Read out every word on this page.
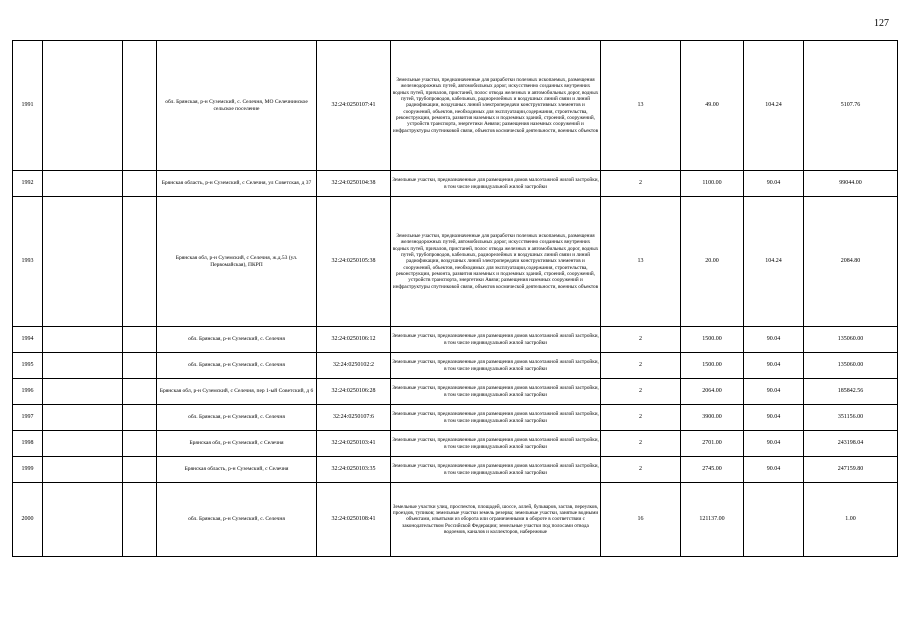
127
1991			обл. Брянская, р-н Суземский, с. Селечня, МО Селечнинское сельское поселение	32:24:0250107:41	Земельные участки, предназначенные для разработки полезных ископаемых, размещения железнодорожных путей, автомобильных дорог, искусственно созданных внутренних водных путей, причалов, пристаней, полос отвода железных и автомобильных дорог, водных путей, трубопроводов, кабельных, радиорелейных и воздушных линий связи и линий радиофикации, воздушных линий электропередачи конструктивных элементов и сооружений, объектов, необходимых для эксплуатации,содержания, строительства, реконструкции, ремонта, развития наземных и подземных зданий, строений, сооружений, устройств транспорта, энергетики Аевязи; размещения наземных сооружений и инфраструктуры спутниковой связи, объектов космической деятельности, военных объектов	13	49.00	104.24	5107.76
1992			Брянская область, р-н Суземский, с Селечня, ул Советская, д 37	32:24:0250104:38	Земельные участки, предназначенные для размещения домов малоэтажной жилой застройки, в том числе индивидуальной жилой застройки	2	1100.00	90.04	99044.00
1993			Брянская обл, р-н Суземский, с Селечня, ж.д.53 (ул. Первомайская), ПКРП	32:24:0250105:38	Земельные участки, предназначенные для разработки полезных ископаемых, размещения железнодорожных путей, автомобильных дорог, искусственно созданных внутренних водных путей, причалов, пристаней, полос отвода железных и автомобильных дорог, водных путей, трубопроводов, кабельных, радиорелейных и воздушных линий связи и линий радиофикации, воздушных линий электропередачи конструктивных элементов и сооружений, объектов, необходимых для эксплуатации,содержания, строительства, реконструкции, ремонта, развития наземных и подземных зданий, строений, сооружений, устройств транспорта, энергетики Авязи; размещения наземных сооружений и инфраструктуры спутниковой связи, объектов космической деятельности, военных объектов	13	20.00	104.24	2084.80
1994			обл. Брянская, р-н Суземский, с. Селечня	32:24:0250106:12	Земельные участки, предназначенные для размещения домов малоэтажной жилой застройки, в том числе индивидуальной жилой застройки	2	1500.00	90.04	135060.00
1995			обл. Брянская, р-н Суземский, с. Селечня	32:24:0250102:2	Земельные участки, предназначенные для размещения домов малоэтажной жилой застройки, в том числе индивидуальной жилой застройки	2	1500.00	90.04	135060.00
1996			Брянская обл, р-н Суземский, с Селечня, пер 1-ый Советский, д 6	32:24:0250106:28	Земельные участки, предназначенные для размещения домов малоэтажной жилой застройки, в том числе индивидуальной жилой застройки	2	2064.00	90.04	185842.56
1997			обл. Брянская, р-н Суземский, с. Селечня	32:24:0250107:6	Земельные участки, предназначенные для размещения домов малоэтажной жилой застройки, в том числе индивидуальной жилой застройки	2	3900.00	90.04	351156.00
1998			Брянская обл, р-н Суземский, с Селечня	32:24:0250103:41	Земельные участки, предназначенные для размещения домов малоэтажной жилой застройки, в том числе индивидуальной жилой застройки	2	2701.00	90.04	243198.04
1999			Брянская область, р-н Суземский, с Селечня	32:24:0250103:35	Земельные участки, предназначенные для размещения домов малоэтажной жилой застройки, в том числе индивидуальной жилой застройки	2	2745.00	90.04	247159.80
2000			обл. Брянская, р-н Суземский, с. Селечня	32:24:0250108:41	Земельные участки улиц, проспектов, площадей, шоссе, аллей, бульваров, застав, переулков, проездов, тупиков; земельные участки земель резерва; земельные участки, занятые водными объектами, изъятыми из оборота или ограниченными в обороте в соответствии с законодательством Российской Федерации; земельные участки под полосами отвода водоемов, каналов и коллекторов, набережные	16	121137.00		1.00
